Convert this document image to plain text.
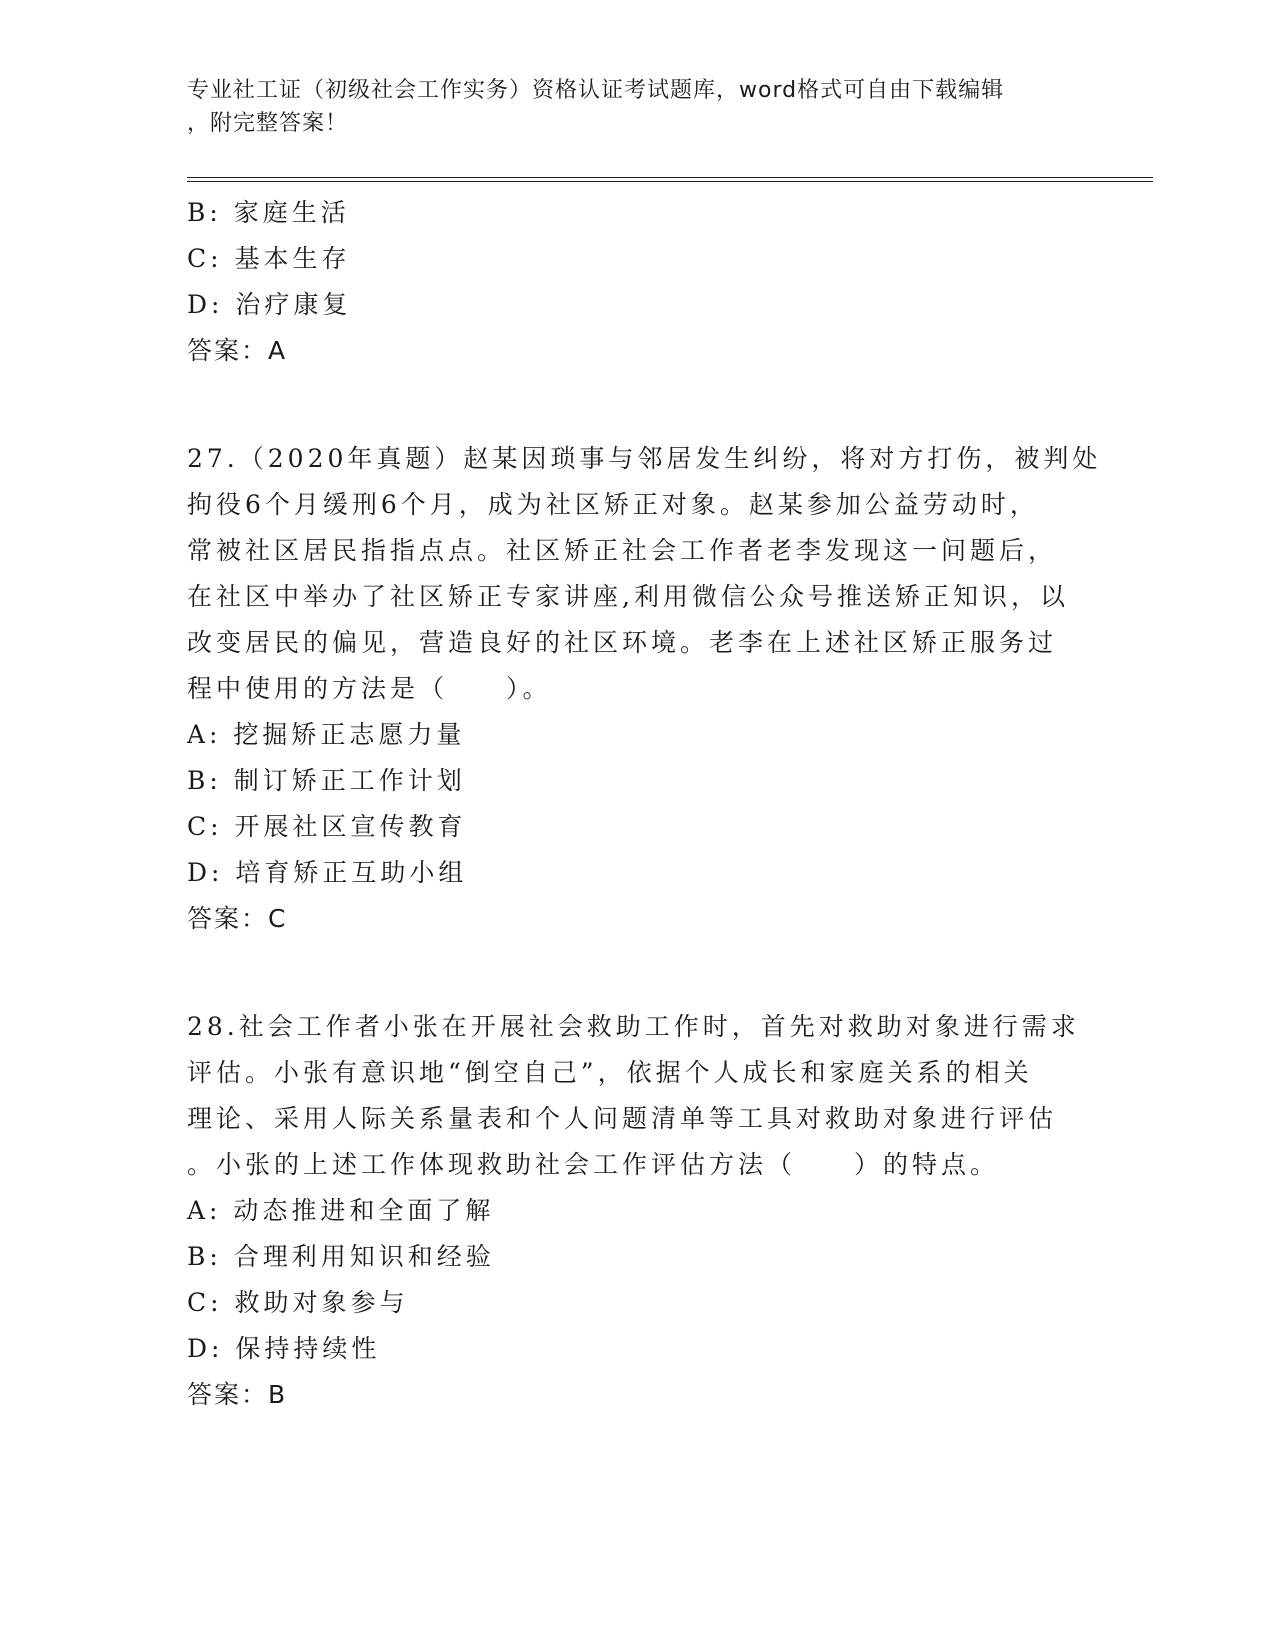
专业社工证（初级社会工作实务）资格认证考试题库，word格式可自由下载编辑
，附完整答案！
B: 家庭生活
C: 基本生存
D: 治疗康复
答案：A
27.（2020年真题）赵某因琐事与邻居发生纠纷，将对方打伤，被判处
拘役6个月缓刑6个月，成为社区矫正对象。赵某参加公益劳动时，
常被社区居民指指点点。社区矫正社会工作者老李发现这一问题后，
在社区中举办了社区矫正专家讲座,利用微信公众号推送矫正知识，以
改变居民的偏见，营造良好的社区环境。老李在上述社区矫正服务过
程中使用的方法是（　　）。
A: 挖掘矫正志愿力量
B: 制订矫正工作计划
C: 开展社区宣传教育
D: 培育矫正互助小组
答案：C
28.社会工作者小张在开展社会救助工作时，首先对救助对象进行需求
评估。小张有意识地“倒空自己”，依据个人成长和家庭关系的相关
理论、采用人际关系量表和个人问题清单等工具对救助对象进行评估
。小张的上述工作体现救助社会工作评估方法（　　）的特点。
A: 动态推进和全面了解
B: 合理利用知识和经验
C: 救助对象参与
D: 保持持续性
答案：B
